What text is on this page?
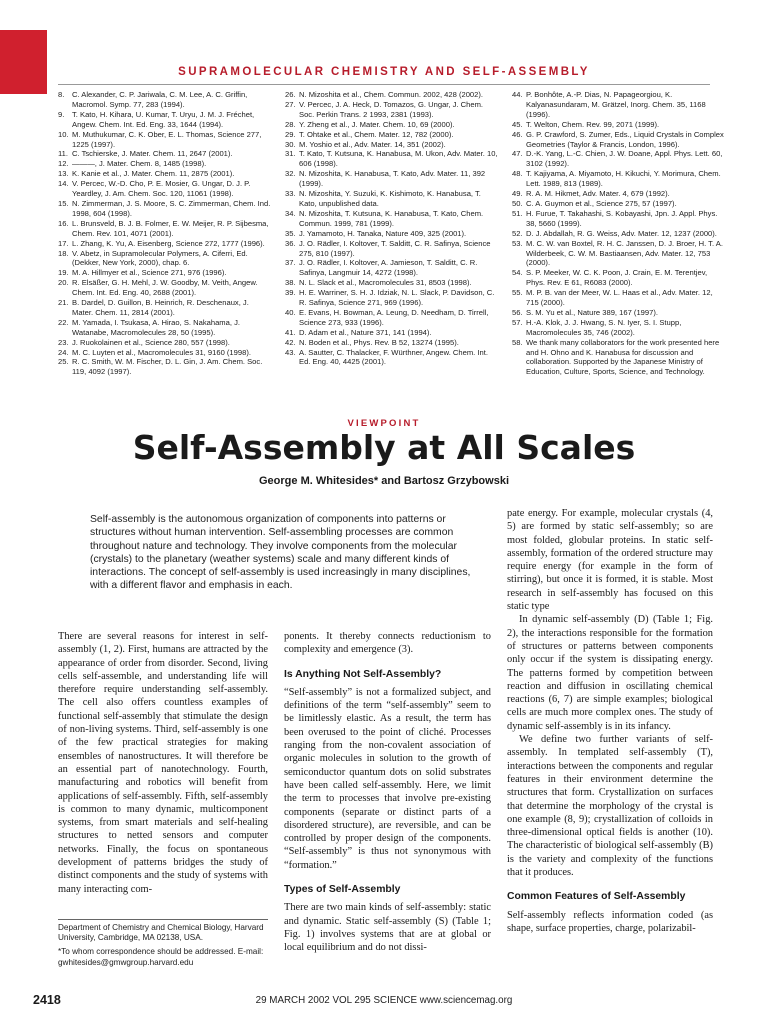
SUPRAMOLECULAR CHEMISTRY AND SELF-ASSEMBLY
8. C. Alexander, C. P. Jariwala, C. M. Lee, A. C. Griffin, Macromol. Symp. 77, 283 (1994).
9. T. Kato, H. Kihara, U. Kumar, T. Uryu, J. M. J. Fréchet, Angew. Chem. Int. Ed. Eng. 33, 1644 (1994).
10. M. Muthukumar, C. K. Ober, E. L. Thomas, Science 277, 1225 (1997).
11. C. Tschierske, J. Mater. Chem. 11, 2647 (2001).
12. ———, J. Mater. Chem. 8, 1485 (1998).
13. K. Kanie et al., J. Mater. Chem. 11, 2875 (2001).
14. V. Percec, W.-D. Cho, P. E. Mosier, G. Ungar, D. J. P. Yeardley, J. Am. Chem. Soc. 120, 11061 (1998).
15. N. Zimmerman, J. S. Moore, S. C. Zimmerman, Chem. Ind. 1998, 604 (1998).
16. L. Brunsveld, B. J. B. Folmer, E. W. Meijer, R. P. Sijbesma, Chem. Rev. 101, 4071 (2001).
17. L. Zhang, K. Yu, A. Eisenberg, Science 272, 1777 (1996).
18. V. Abetz, in Supramolecular Polymers, A. Ciferri, Ed. (Dekker, New York, 2000), chap. 6.
19. M. A. Hillmyer et al., Science 271, 976 (1996).
20. R. Elsäßer, G. H. Mehl, J. W. Goodby, M. Veith, Angew. Chem. Int. Ed. Eng. 40, 2688 (2001).
21. B. Dardel, D. Guillon, B. Heinrich, R. Deschenaux, J. Mater. Chem. 11, 2814 (2001).
22. M. Yamada, I. Tsukasa, A. Hirao, S. Nakahama, J. Watanabe, Macromolecules 28, 50 (1995).
23. J. Ruokolainen et al., Science 280, 557 (1998).
24. M. C. Luyten et al., Macromolecules 31, 9160 (1998).
25. R. C. Smith, W. M. Fischer, D. L. Gin, J. Am. Chem. Soc. 119, 4092 (1997).
26. N. Mizoshita et al., Chem. Commun. 2002, 428 (2002).
27. V. Percec, J. A. Heck, D. Tomazos, G. Ungar, J. Chem. Soc. Perkin Trans. 2 1993, 2381 (1993).
28. Y. Zheng et al., J. Mater. Chem. 10, 69 (2000).
29. T. Ohtake et al., Chem. Mater. 12, 782 (2000).
30. M. Yoshio et al., Adv. Mater. 14, 351 (2002).
31. T. Kato, T. Kutsuna, K. Hanabusa, M. Ukon, Adv. Mater. 10, 606 (1998).
32. N. Mizoshita, K. Hanabusa, T. Kato, Adv. Mater. 11, 392 (1999).
33. N. Mizoshita, Y. Suzuki, K. Kishimoto, K. Hanabusa, T. Kato, unpublished data.
34. N. Mizoshita, T. Kutsuna, K. Hanabusa, T. Kato, Chem. Commun. 1999, 781 (1999).
35. J. Yamamoto, H. Tanaka, Nature 409, 325 (2001).
36. J. O. Rädler, I. Koltover, T. Salditt, C. R. Safinya, Science 275, 810 (1997).
37. J. O. Rädler, I. Koltover, A. Jamieson, T. Salditt, C. R. Safinya, Langmuir 14, 4272 (1998).
38. N. L. Slack et al., Macromolecules 31, 8503 (1998).
39. H. E. Warriner, S. H. J. Idziak, N. L. Slack, P. Davidson, C. R. Safinya, Science 271, 969 (1996).
40. E. Evans, H. Bowman, A. Leung, D. Needham, D. Tirrell, Science 273, 933 (1996).
41. D. Adam et al., Nature 371, 141 (1994).
42. N. Boden et al., Phys. Rev. B 52, 13274 (1995).
43. A. Sautter, C. Thalacker, F. Würthner, Angew. Chem. Int. Ed. Eng. 40, 4425 (2001).
44. P. Bonhôte, A.-P. Dias, N. Papageorgiou, K. Kalyanasundaram, M. Grätzel, Inorg. Chem. 35, 1168 (1996).
45. T. Welton, Chem. Rev. 99, 2071 (1999).
46. G. P. Crawford, S. Zumer, Eds., Liquid Crystals in Complex Geometries (Taylor & Francis, London, 1996).
47. D.-K. Yang, L.-C. Chien, J. W. Doane, Appl. Phys. Lett. 60, 3102 (1992).
48. T. Kajiyama, A. Miyamoto, H. Kikuchi, Y. Morimura, Chem. Lett. 1989, 813 (1989).
49. R. A. M. Hikmet, Adv. Mater. 4, 679 (1992).
50. C. A. Guymon et al., Science 275, 57 (1997).
51. H. Furue, T. Takahashi, S. Kobayashi, Jpn. J. Appl. Phys. 38, 5660 (1999).
52. D. J. Abdallah, R. G. Weiss, Adv. Mater. 12, 1237 (2000).
53. M. C. W. van Boxtel, R. H. C. Janssen, D. J. Broer, H. T. A. Wilderbeek, C. W. M. Bastiaansen, Adv. Mater. 12, 753 (2000).
54. S. P. Meeker, W. C. K. Poon, J. Crain, E. M. Terentjev, Phys. Rev. E 61, R6083 (2000).
55. M. P. B. van der Meer, W. L. Haas et al., Adv. Mater. 12, 715 (2000).
56. S. M. Yu et al., Nature 389, 167 (1997).
57. H.-A. Klok, J. J. Hwang, S. N. Iyer, S. I. Stupp, Macromolecules 35, 746 (2002).
58. We thank many collaborators for the work presented here and H. Ohno and K. Hanabusa for discussion and collaboration. Supported by the Japanese Ministry of Education, Culture, Sports, Science, and Technology.
VIEWPOINT
Self-Assembly at All Scales
George M. Whitesides* and Bartosz Grzybowski
Self-assembly is the autonomous organization of components into patterns or structures without human intervention. Self-assembling processes are common throughout nature and technology. They involve components from the molecular (crystals) to the planetary (weather systems) scale and many different kinds of interactions. The concept of self-assembly is used increasingly in many disciplines, with a different flavor and emphasis in each.

There are several reasons for interest in self-assembly (1, 2). First, humans are attracted by the appearance of order from disorder. Second, living cells self-assemble, and understanding life will therefore require understanding self-assembly. The cell also offers countless examples of functional self-assembly that stimulate the design of non-living systems. Third, self-assembly is one of the few practical strategies for making ensembles of nanostructures. It will therefore be an essential part of nanotechnology. Fourth, manufacturing and robotics will benefit from applications of self-assembly. Fifth, self-assembly is common to many dynamic, multicomponent systems, from smart materials and self-healing structures to netted sensors and computer networks. Finally, the focus on spontaneous development of patterns bridges the study of distinct components and the study of systems with many interacting com-

ponents. It thereby connects reductionism to complexity and emergence (3).

Is Anything Not Self-Assembly?

“Self-assembly” is not a formalized subject, and definitions of the term “self-assembly” seem to be limitlessly elastic. As a result, the term has been overused to the point of cliché. Processes ranging from the non-covalent association of organic molecules in solution to the growth of semiconductor quantum dots on solid substrates have been called self-assembly. Here, we limit the term to processes that involve pre-existing components (separate or distinct parts of a disordered structure), are reversible, and can be controlled by proper design of the components. “Self-assembly” is thus not synonymous with “formation.”

Types of Self-Assembly

There are two main kinds of self-assembly: static and dynamic. Static self-assembly (S) (Table 1; Fig. 1) involves systems that are at global or local equilibrium and do not dissi-

pate energy. For example, molecular crystals (4, 5) are formed by static self-assembly; so are most folded, globular proteins. In static self-assembly, formation of the ordered structure may require energy (for example in the form of stirring), but once it is formed, it is stable. Most research in self-assembly has focused on this static type

In dynamic self-assembly (D) (Table 1; Fig. 2), the interactions responsible for the formation of structures or patterns between components only occur if the system is dissipating energy. The patterns formed by competition between reaction and diffusion in oscillating chemical reactions (6, 7) are simple examples; biological cells are much more complex ones. The study of dynamic self-assembly is in its infancy.

We define two further variants of self-assembly. In templated self-assembly (T), interactions between the components and regular features in their environment determine the structures that form. Crystallization on surfaces that determine the morphology of the crystal is one example (8, 9); crystallization of colloids in three-dimensional optical fields is another (10). The characteristic of biological self-assembly (B) is the variety and complexity of the functions that it produces.

Common Features of Self-Assembly

Self-assembly reflects information coded (as shape, surface properties, charge, polarizabil-

Department of Chemistry and Chemical Biology, Harvard University, Cambridge, MA 02138, USA.

*To whom correspondence should be addressed. E-mail: gwhitesides@gmwgroup.harvard.edu

2418	29 MARCH 2002 VOL 295 SCIENCE www.sciencemag.org
